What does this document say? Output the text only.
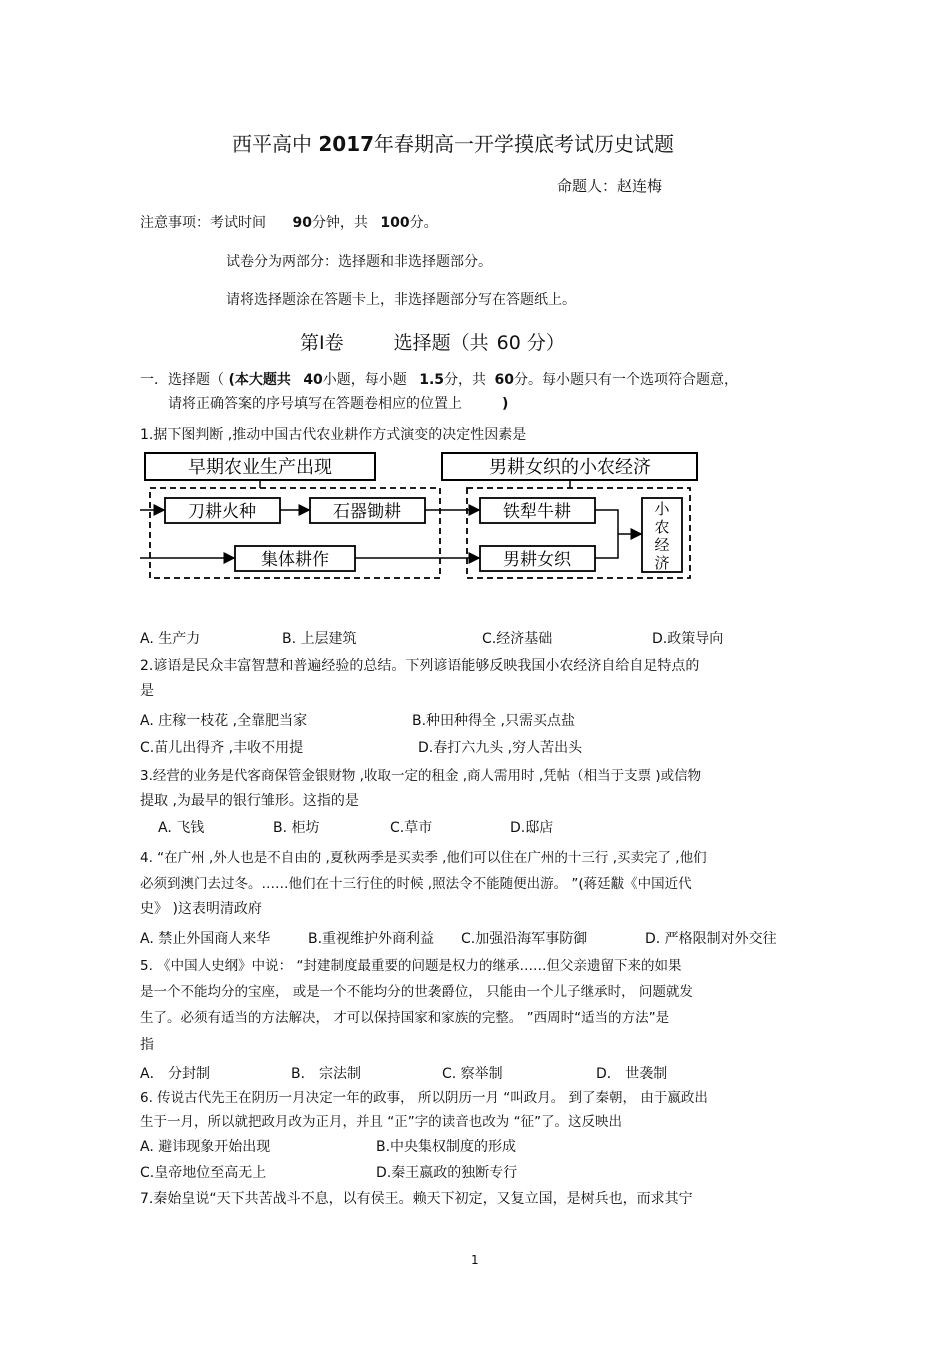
西平高中 2017年春期高一开学摸底考试历史试题
命题人：赵连梅
注意事项：考试时间 90分钟，共 100分。
试卷分为两部分：选择题和非选择题部分。
请将选择题涂在答题卡上，非选择题部分写在答题纸上。
第Ⅰ卷	选择题（共 60 分）
一．选择题（ (本大题共 40小题，每小题 1.5分，共 60分。每小题只有一个选项符合题意，
请将正确答案的序号填写在答题卷相应的位置上	)
1.据下图判断 ,推动中国古代农业耕作方式演变的决定性因素是
早期农业生产出现	男耕女织的小农经济
刀耕火种	石器锄耕	铁犁牛耕
集体耕作	男耕女织
小
农
经
济
A. 生产力	B. 上层建筑	C.经济基础	D.政策导向
2.谚语是民众丰富智慧和普遍经验的总结。下列谚语能够反映我国小农经济自给自足特点的
是
A. 庄稼一枝花 ,全靠肥当家	B.种田种得全 ,只需买点盐
C.苗儿出得齐 ,丰收不用提	D.春打六九头 ,穷人苦出头
3.经营的业务是代客商保管金银财物 ,收取一定的租金 ,商人需用时 ,凭帖（相当于支票 )或信物
提取 ,为最早的银行雏形。这指的是
A. 飞钱	B. 柜坊	C.草市	D.邸店
4. “在广州 ,外人也是不自由的 ,夏秋两季是买卖季 ,他们可以住在广州的十三行 ,买卖完了 ,他们
必须到澳门去过冬。……他们在十三行住的时候 ,照法令不能随便出游。 ”(蒋廷黻《中国近代
史》 )这表明清政府
A. 禁止外国商人来华	B.重视维护外商利益 C.加强沿海军事防御	D. 严格限制对外交往
5. 《中国人史纲》中说： “封建制度最重要的问题是权力的继承……但父亲遗留下来的如果
是一个不能均分的宝座， 或是一个不能均分的世袭爵位， 只能由一个儿子继承时， 问题就发
生了。必须有适当的方法解决， 才可以保持国家和家族的完整。 ”西周时“适当的方法”是
指
A． 分封制	B． 宗法制	C. 察举制	D． 世袭制
6. 传说古代先王在阴历一月决定一年的政事， 所以阴历一月 “叫政月。 到了秦朝， 由于嬴政出
生于一月，所以就把政月改为正月，并且 “正”字的读音也改为 “征”了。这反映出
A. 避讳现象开始出现	B.中央集权制度的形成
C.皇帝地位至高无上	D.秦王嬴政的独断专行
7.秦始皇说“天下共苦战斗不息，以有侯王。赖天下初定，又复立国，是树兵也，而求其宁
1
